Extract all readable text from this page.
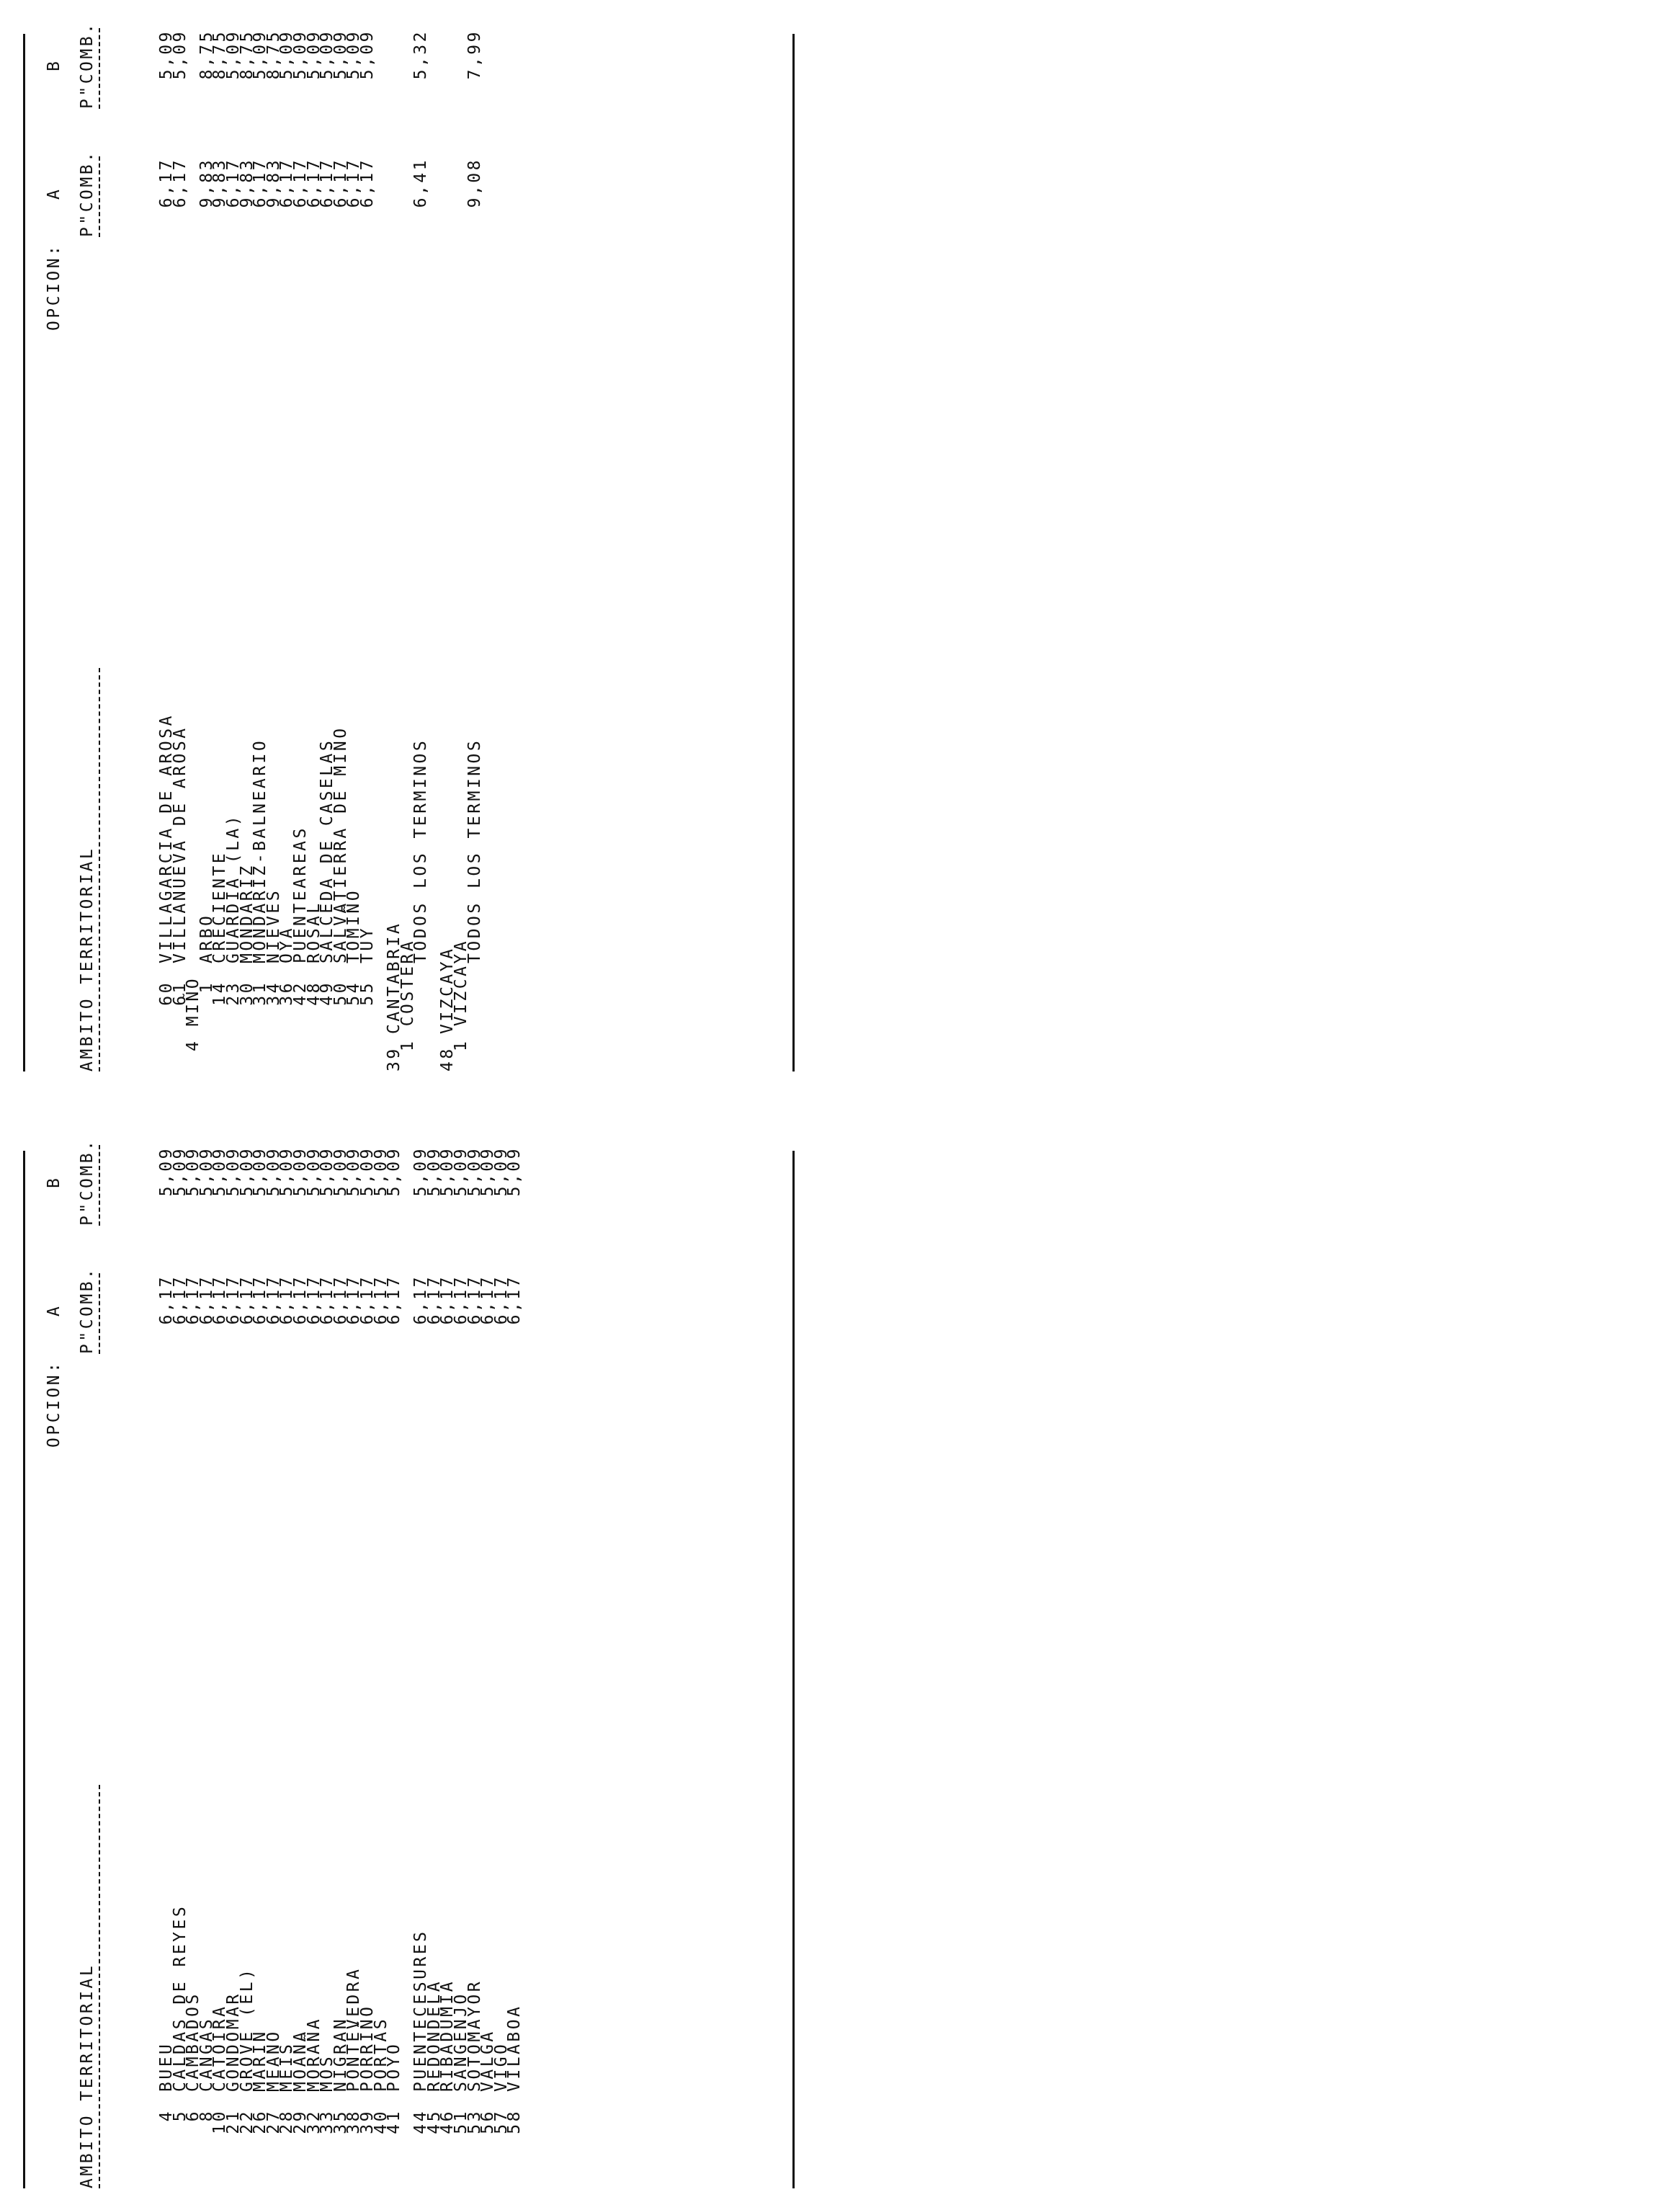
AMBITO TERRITORIAL
OPCION:
A
B
P"COMB.
P"COMB.
4
BUEU
6,17
5,09
5
CALDAS DE REYES
6,17
5,09
6
CAMBADOS
6,17
5,09
8
CANGAS
6,17
5,09
10
CATOIRA
6,17
5,09
21
GONDOMAR
6,17
5,09
22
GROVE (EL)
6,17
5,09
26
MARIN
6,17
5,09
27
MEAÑO
6,17
5,09
28
MEIS
6,17
5,09
29
MOAÑA
6,17
5,09
32
MORAÑA
6,17
5,09
33
MOS
6,17
5,09
35
NIGRAN
6,17
5,09
38
PONTEVEDRA
6,17
5,09
39
PORRIÑO
6,17
5,09
40
PORTAS
6,17
5,09
41
POYO
6,17
5,09
44
PUENTECESURES
6,17
5,09
45
REDONDELA
6,17
5,09
46
RIBADUMIA
6,17
5,09
51
SANGENJO
6,17
5,09
53
SOTOMAYOR
6,17
5,09
56
VALGA
6,17
5,09
57
VIGO
6,17
5,09
58
VILABOA
6,17
5,09
AMBITO TERRITORIAL
OPCION:
A
B
P"COMB.
P"COMB.
60
VILLAGARCIA DE AROSA
6,17
5,09
61
VILLANUEVA DE AROSA
6,17
5,09
4 MIÑO
1
ARBO
9,83
8,75
14
CRECIENTE
9,83
8,75
23
GUARDIA (LA)
6,17
5,09
30
MONDARIZ
9,83
8,75
31
MONDARIZ-BALNEARIO
6,17
5,09
34
NIEVES
9,83
8,75
36
OYA
6,17
5,09
42
PUENTEAREAS
6,17
5,09
48
ROSAL
6,17
5,09
49
SALCEDA DE CASELAS
6,17
5,09
50
SALVATIERRA DE MIÑO
6,17
5,09
54
TOMIÑO
6,17
5,09
55
TUY
6,17
5,09
39 CANTABRIA
1 COSTERA
TODOS LOS TERMINOS
6,41
5,32
48 VIZCAYA
1 VIZCAYA
TODOS LOS TERMINOS
9,08
7,99
